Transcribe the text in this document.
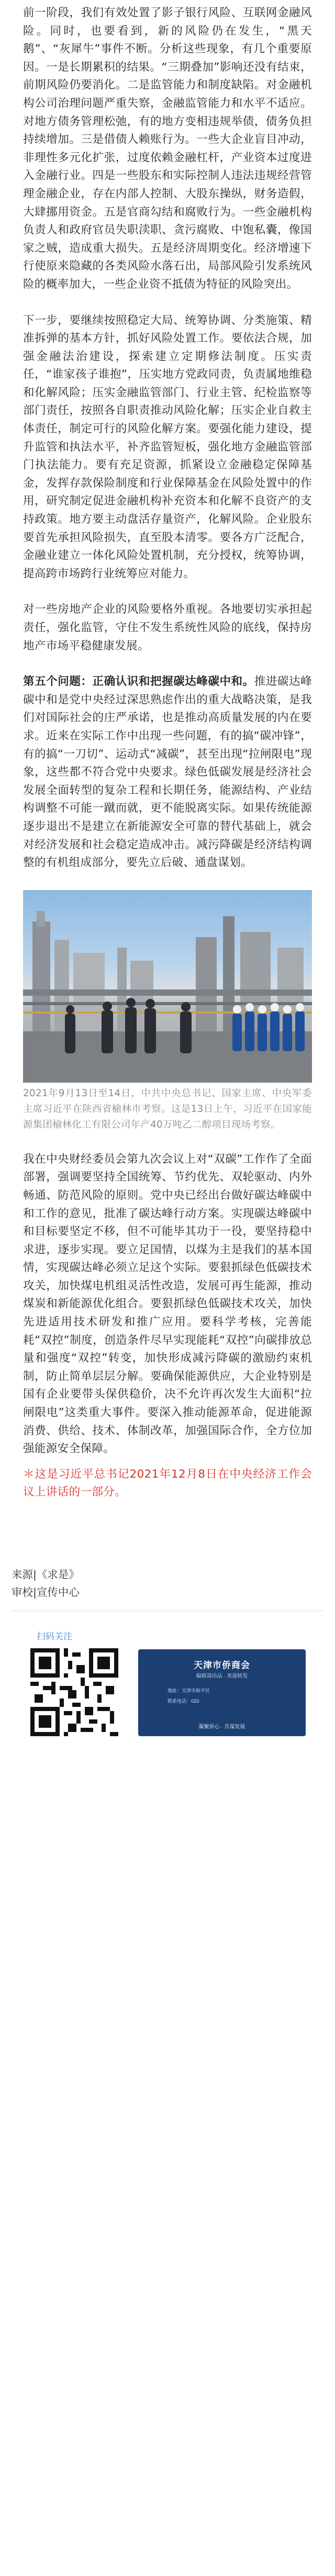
前一阶段，我们有效处置了影子银行风险、互联网金融风险。同时，也要看到，新的风险仍在发生，“黑天鹅”、“灰犀牛”事件不断。分析这些现象，有几个重要原因。一是长期累积的结果。“三期叠加”影响还没有结束，前期风险仍要消化。二是监管能力和制度缺陷。对金融机构公司治理问题严重失察，金融监管能力和水平不适应。对地方债务管理松弛，有的地方变相违规举债，债务负担持续增加。三是借债人赖账行为。一些大企业盲目冲动，非理性多元化扩张，过度依赖金融杠杆，产业资本过度进入金融行业。四是一些股东和实际控制人违法违规经营管理金融企业，存在内部人控制、大股东操纵，财务造假，大肆挪用资金。五是官商勾结和腐败行为。一些金融机构负责人和政府官员失职渎职、贪污腐败、中饱私囊，像国家之贼，造成重大损失。五是经济周期变化。经济增速下行使原来隐藏的各类风险水落石出，局部风险引发系统风险的概率加大，一些企业资不抵债为特征的风险突出。

下一步，要继续按照稳定大局、统筹协调、分类施策、精准拆弹的基本方针，抓好风险处置工作。要依法合规，加强金融法治建设，探索建立定期修法制度。压实责任，“谁家孩子谁抱”，压实地方党政同责，负责属地维稳和化解风险；压实金融监管部门、行业主管、纪检监察等部门责任，按照各自职责推动风险化解；压实企业自救主体责任，制定可行的风险化解方案。要强化能力建设，提升监管和执法水平，补齐监管短板，强化地方金融监管部门执法能力。要有充足资源，抓紧设立金融稳定保障基金，发挥存款保险制度和行业保障基金在风险处置中的作用，研究制定促进金融机构补充资本和化解不良资产的支持政策。地方要主动盘活存量资产，化解风险。企业股东要首先承担风险损失，直至股本清零。要各方广泛配合，金融业建立一体化风险处置机制，充分授权，统筹协调，提高跨市场跨行业统筹应对能力。

对一些房地产企业的风险要格外重视。各地要切实承担起责任，强化监管，守住不发生系统性风险的底线，保持房地产市场平稳健康发展。

第五个问题：正确认识和把握碳达峰碳中和。推进碳达峰碳中和是党中央经过深思熟虑作出的重大战略决策，是我们对国际社会的庄严承诺，也是推动高质量发展的内在要求。近来在实际工作中出现一些问题，有的搞“碳冲锋”，有的搞“一刀切”、运动式“减碳”，甚至出现“拉闸限电”现象，这些都不符合党中央要求。绿色低碳发展是经济社会发展全面转型的复杂工程和长期任务，能源结构、产业结构调整不可能一蹴而就，更不能脱离实际。如果传统能源逐步退出不是建立在新能源安全可靠的替代基础上，就会对经济发展和社会稳定造成冲击。减污降碳是经济结构调整的有机组成部分，要先立后破、通盘谋划。

2021年9月13日至14日，中共中央总书记、国家主席、中央军委主席习近平在陕西省榆林市考察。这是13日上午，习近平在国家能源集团榆林化工有限公司年产40万吨乙二醇项目现场考察。

我在中央财经委员会第九次会议上对“双碳”工作作了全面部署，强调要坚持全国统筹、节约优先、双轮驱动、内外畅通、防范风险的原则。党中央已经出台做好碳达峰碳中和工作的意见，批准了碳达峰行动方案。实现碳达峰碳中和目标要坚定不移，但不可能毕其功于一役，要坚持稳中求进，逐步实现。要立足国情，以煤为主是我们的基本国情，实现碳达峰必须立足这个实际。要狠抓绿色低碳技术攻关，加快煤电机组灵活性改造，发展可再生能源，推动煤炭和新能源优化组合。要狠抓绿色低碳技术攻关，加快先进适用技术研发和推广应用。要科学考核，完善能耗“双控”制度，创造条件尽早实现能耗“双控”向碳排放总量和强度“双控”转变，加快形成减污降碳的激励约束机制，防止简单层层分解。要确保能源供应，大企业特别是国有企业要带头保供稳价，决不允许再次发生大面积“拉闸限电”这类重大事件。要深入推动能源革命，促进能源消费、供给、技术、体制改革，加强国际合作，全方位加强能源安全保障。

＊这是习近平总书记2021年12月8日在中央经济工作会议上讲话的一部分。

来源|《求是》
审校|宣传中心
扫码关注
天津市侨商会
编辑部出品 · 欢迎转发
地址：天津市和平区
联系电话：022-
凝聚侨心 · 共谋发展
